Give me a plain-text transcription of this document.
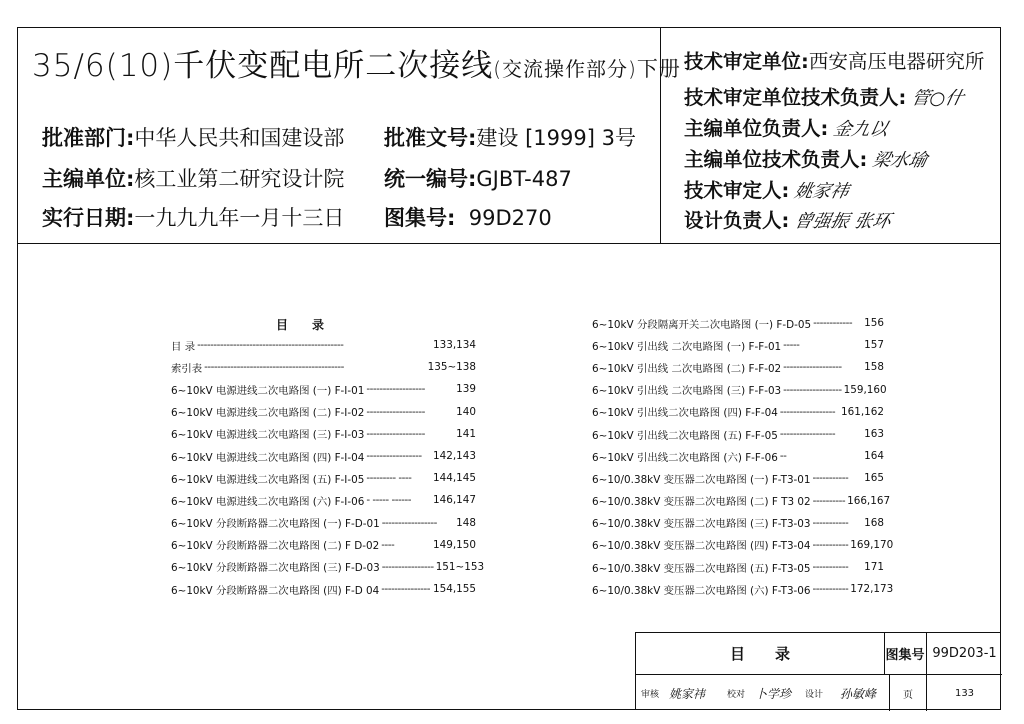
35/6(10)千伏变配电所二次接线(交流操作部分)下册
批准部门:中华人民共和国建设部
主编单位:核工业第二研究设计院
实行日期:一九九九年一月十三日
批准文号:建设 [1999] 3号
统一编号:GJBT-487
图集号: 99D270
技术审定单位:西安高压电器研究所
技术审定单位技术负责人: 管○什
主编单位负责人: 金九以
主编单位技术负责人: 梁水瑜
技术审定人: 姚家祎
设计负责人: 曾强振 张环
目　　录
目 录 ---------------------------------------------	133,134
索引表 -------------------------------------------	135~138
6~10kV 电源进线二次电路图 (一) F-I-01 ------------------	139
6~10kV 电源进线二次电路图 (二) F-I-02 ------------------	140
6~10kV 电源进线二次电路图 (三) F-I-03 ------------------	141
6~10kV 电源进线二次电路图 (四) F-I-04 -----------------	142,143
6~10kV 电源进线二次电路图 (五) F-I-05 --------- ----	144,145
6~10kV 电源进线二次电路图 (六) F-I-06 - ----- ------	146,147
6~10kV 分段断路器二次电路图 (一) F-D-01 -----------------	148
6~10kV 分段断路器二次电路图 (二) F D-02 ----	149,150
6~10kV 分段断路器二次电路图 (三) F-D-03 ---------------- 151~153
6~10kV 分段断路器二次电路图 (四) F-D 04 --------------- 154,155
6~10kV 分段隔离开关二次电路图 (一) F-D-05 ------------	156
6~10kV 引出线 二次电路图 (一) F-F-01 -----	157
6~10kV 引出线 二次电路图 (二) F-F-02 ------------------	158
6~10kV 引出线 二次电路图 (三) F-F-03 ------------------ 159,160
6~10kV 引出线二次电路图 (四) F-F-04 ----------------- 161,162
6~10kV 引出线二次电路图 (五) F-F-05 -----------------	163
6~10kV 引出线二次电路图 (六) F-F-06 --	164
6~10/0.38kV 变压器二次电路图 (一) F-T3-01 -----------	165
6~10/0.38kV 变压器二次电路图 (二) F T3 02 ---------- 166,167
6~10/0.38kV 变压器二次电路图 (三) F-T3-03 -----------	168
6~10/0.38kV 变压器二次电路图 (四) F-T3-04 ----------- 169,170
6~10/0.38kV 变压器二次电路图 (五) F-T3-05 -----------	171
6~10/0.38kV 变压器二次电路图 (六) F-T3-06 ----------- 172,173
目　　录	图集号 99D203-1
审核 姚家祎	校对 卜学珍	设计	孙敏峰	页	133
